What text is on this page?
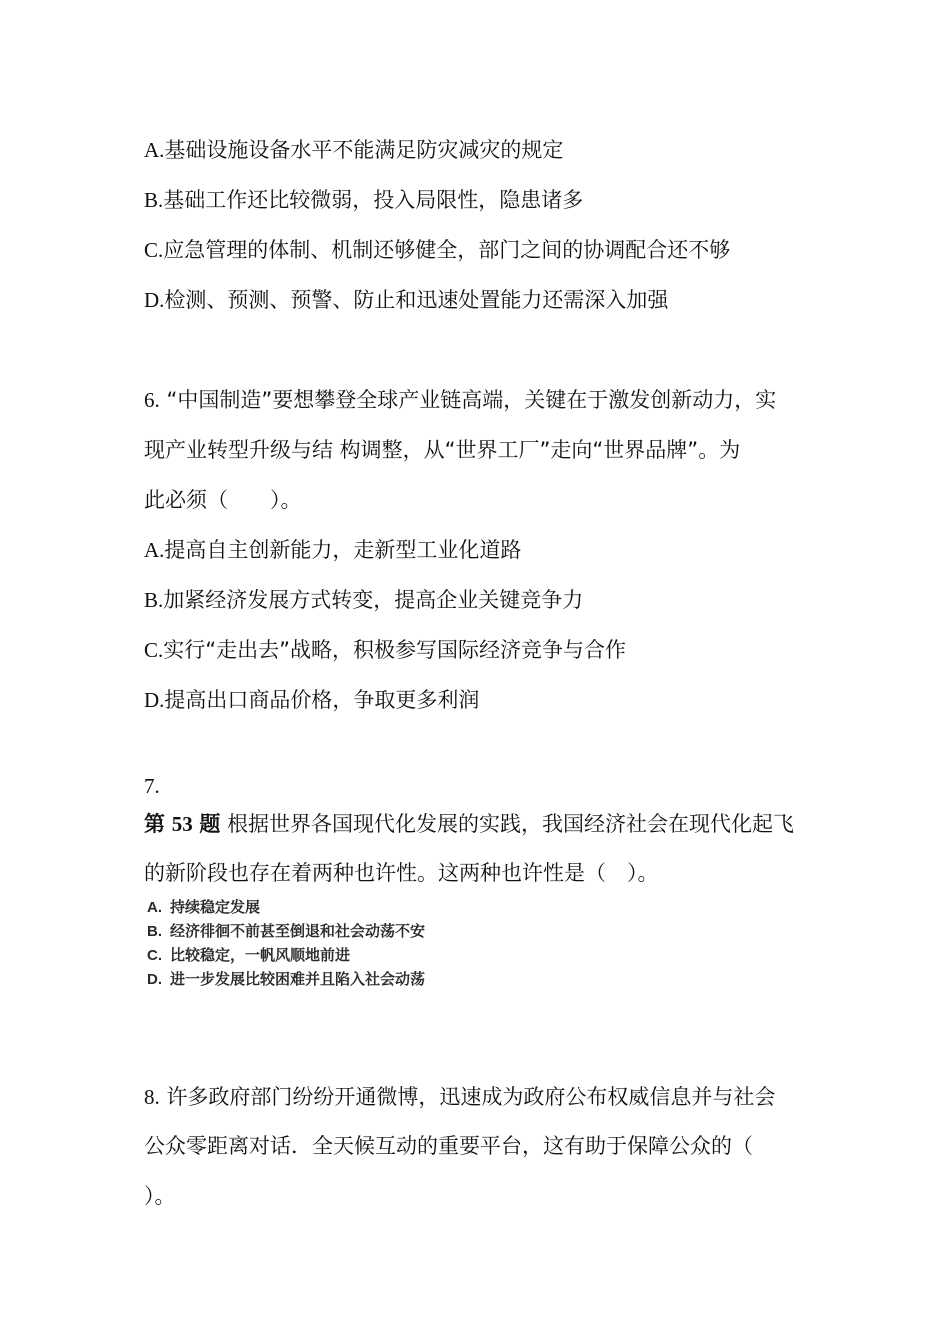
A.基础设施设备水平不能满足防灾减灾的规定
B.基础工作还比较微弱，投入局限性，隐患诸多
C.应急管理的体制、机制还够健全，部门之间的协调配合还不够
D.检测、预测、预警、防止和迅速处置能力还需深入加强
6. “中国制造”要想攀登全球产业链高端，关键在于激发创新动力，实
现产业转型升级与结 构调整，从“世界工厂”走向“世界品牌”。为
此必须（　　）。
A.提高自主创新能力，走新型工业化道路
B.加紧经济发展方式转变，提高企业关键竞争力
C.实行“走出去”战略，积极参写国际经济竞争与合作
D.提高出口商品价格，争取更多利润
7.
第 53 题 根据世界各国现代化发展的实践，我国经济社会在现代化起飞
的新阶段也存在着两种也许性。这两种也许性是（　）。
A. 持续稳定发展
B. 经济徘徊不前甚至倒退和社会动荡不安
C. 比较稳定，一帆风顺地前进
D. 进一步发展比较困难并且陷入社会动荡
8. 许多政府部门纷纷开通微博，迅速成为政府公布权威信息并与社会
公众零距离对话．全天候互动的重要平台，这有助于保障公众的（
）。
